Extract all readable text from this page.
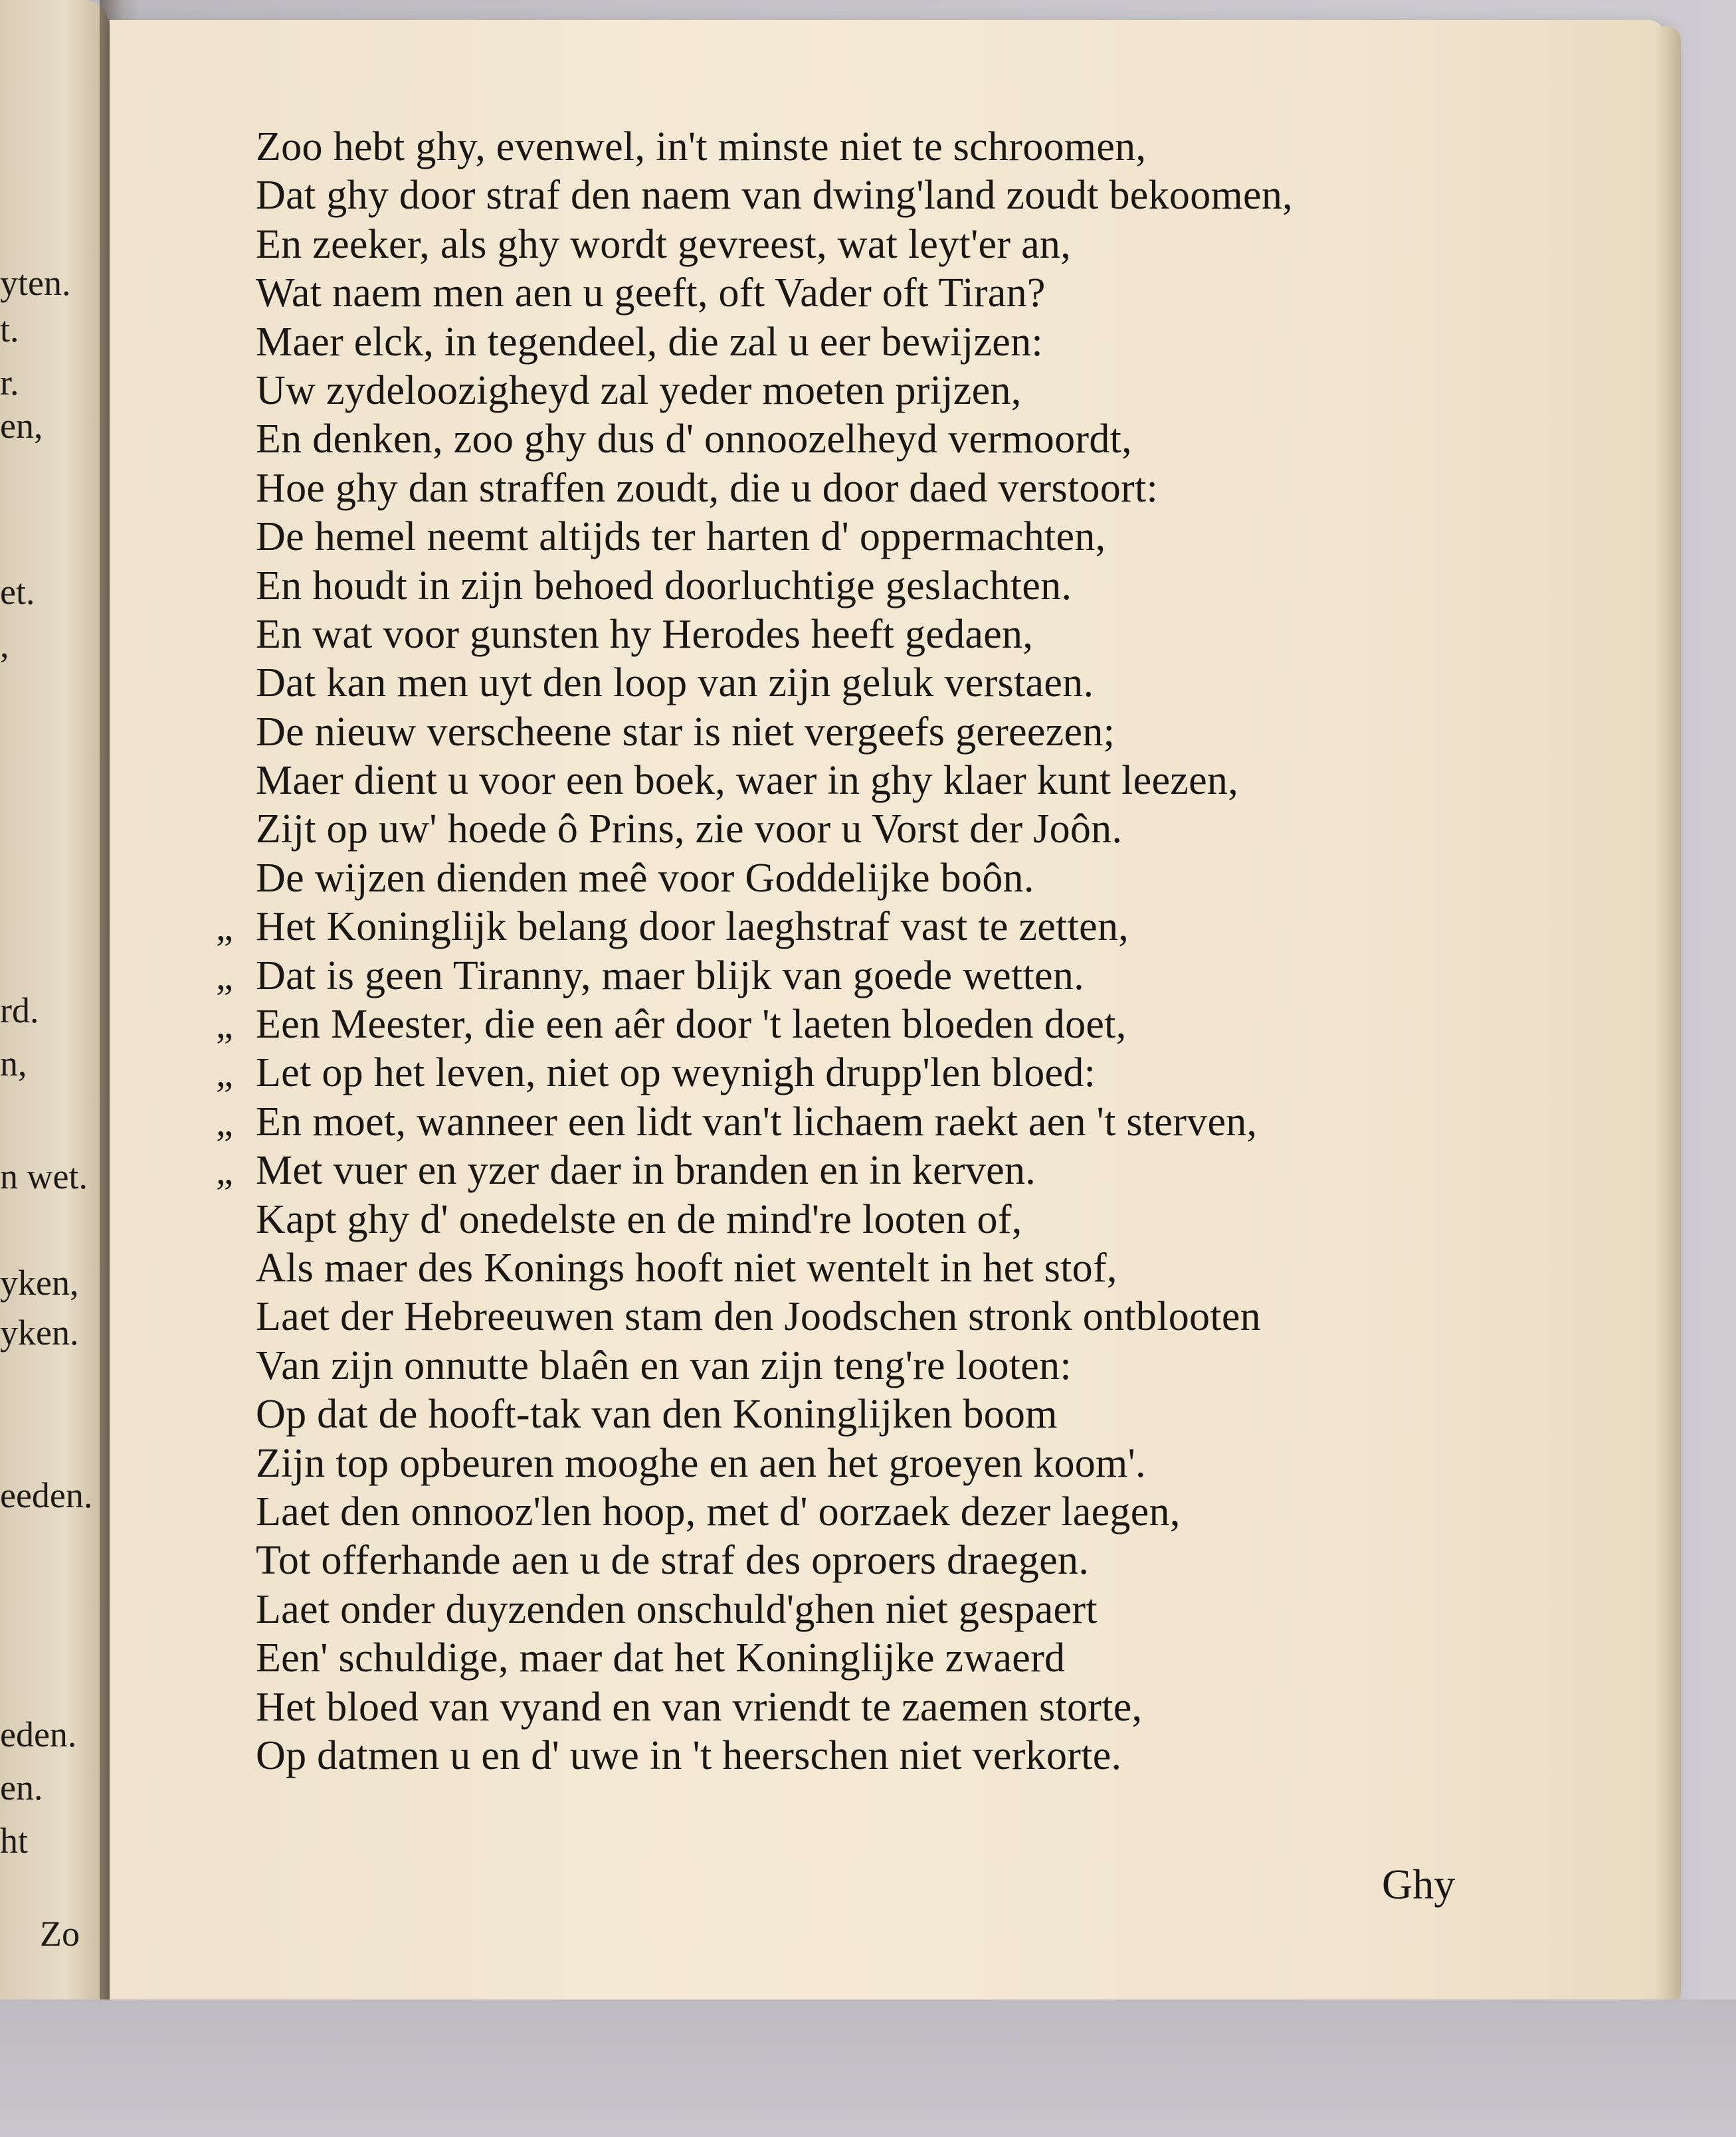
yten.
t.
r.
en,
et.
,
rd.
n,
n wet.
yken,
yken.
eeden.
eden.
en.
ht
Zo
Zoo hebt ghy, evenwel, in't minste niet te schroomen,
Dat ghy door straf den naem van dwing'land zoudt bekoomen,
En zeeker, als ghy wordt gevreest, wat leyt'er an,
Wat naem men aen u geeft, oft Vader oft Tiran?
Maer elck, in tegendeel, die zal u eer bewijzen:
Uw zydeloozigheyd zal yeder moeten prijzen,
En denken, zoo ghy dus d' onnoozelheyd vermoordt,
Hoe ghy dan straffen zoudt, die u door daed verstoort:
De hemel neemt altijds ter harten d' oppermachten,
En houdt in zijn behoed doorluchtige geslachten.
En wat voor gunsten hy Herodes heeft gedaen,
Dat kan men uyt den loop van zijn geluk verstaen.
De nieuw verscheene star is niet vergeefs gereezen;
Maer dient u voor een boek, waer in ghy klaer kunt leezen,
Zijt op uw' hoede ô Prins, zie voor u Vorst der Joôn.
De wijzen dienden meê voor Goddelijke boôn.
„ Het Koninglijk belang door laeghstraf vast te zetten,
„ Dat is geen Tiranny, maer blijk van goede wetten.
„ Een Meester, die een aêr door 't laeten bloeden doet,
„ Let op het leven, niet op weynigh drupp'len bloed:
„ En moet, wanneer een lidt van't lichaem raekt aen 't sterven,
„ Met vuer en yzer daer in branden en in kerven.
Kapt ghy d' onedelste en de mind're looten of,
Als maer des Konings hooft niet wentelt in het stof,
Laet der Hebreeuwen stam den Joodschen stronk ontblooten
Van zijn onnutte blaên en van zijn teng're looten:
Op dat de hooft-tak van den Koninglijken boom
Zijn top opbeuren mooghe en aen het groeyen koom'.
Laet den onnooz'len hoop, met d' oorzaek dezer laegen,
Tot offerhande aen u de straf des oproers draegen.
Laet onder duyzenden onschuld'ghen niet gespaert
Een' schuldige, maer dat het Koninglijke zwaerd
Het bloed van vyand en van vriendt te zaemen storte,
Op datmen u en d' uwe in 't heerschen niet verkorte.
Ghy
